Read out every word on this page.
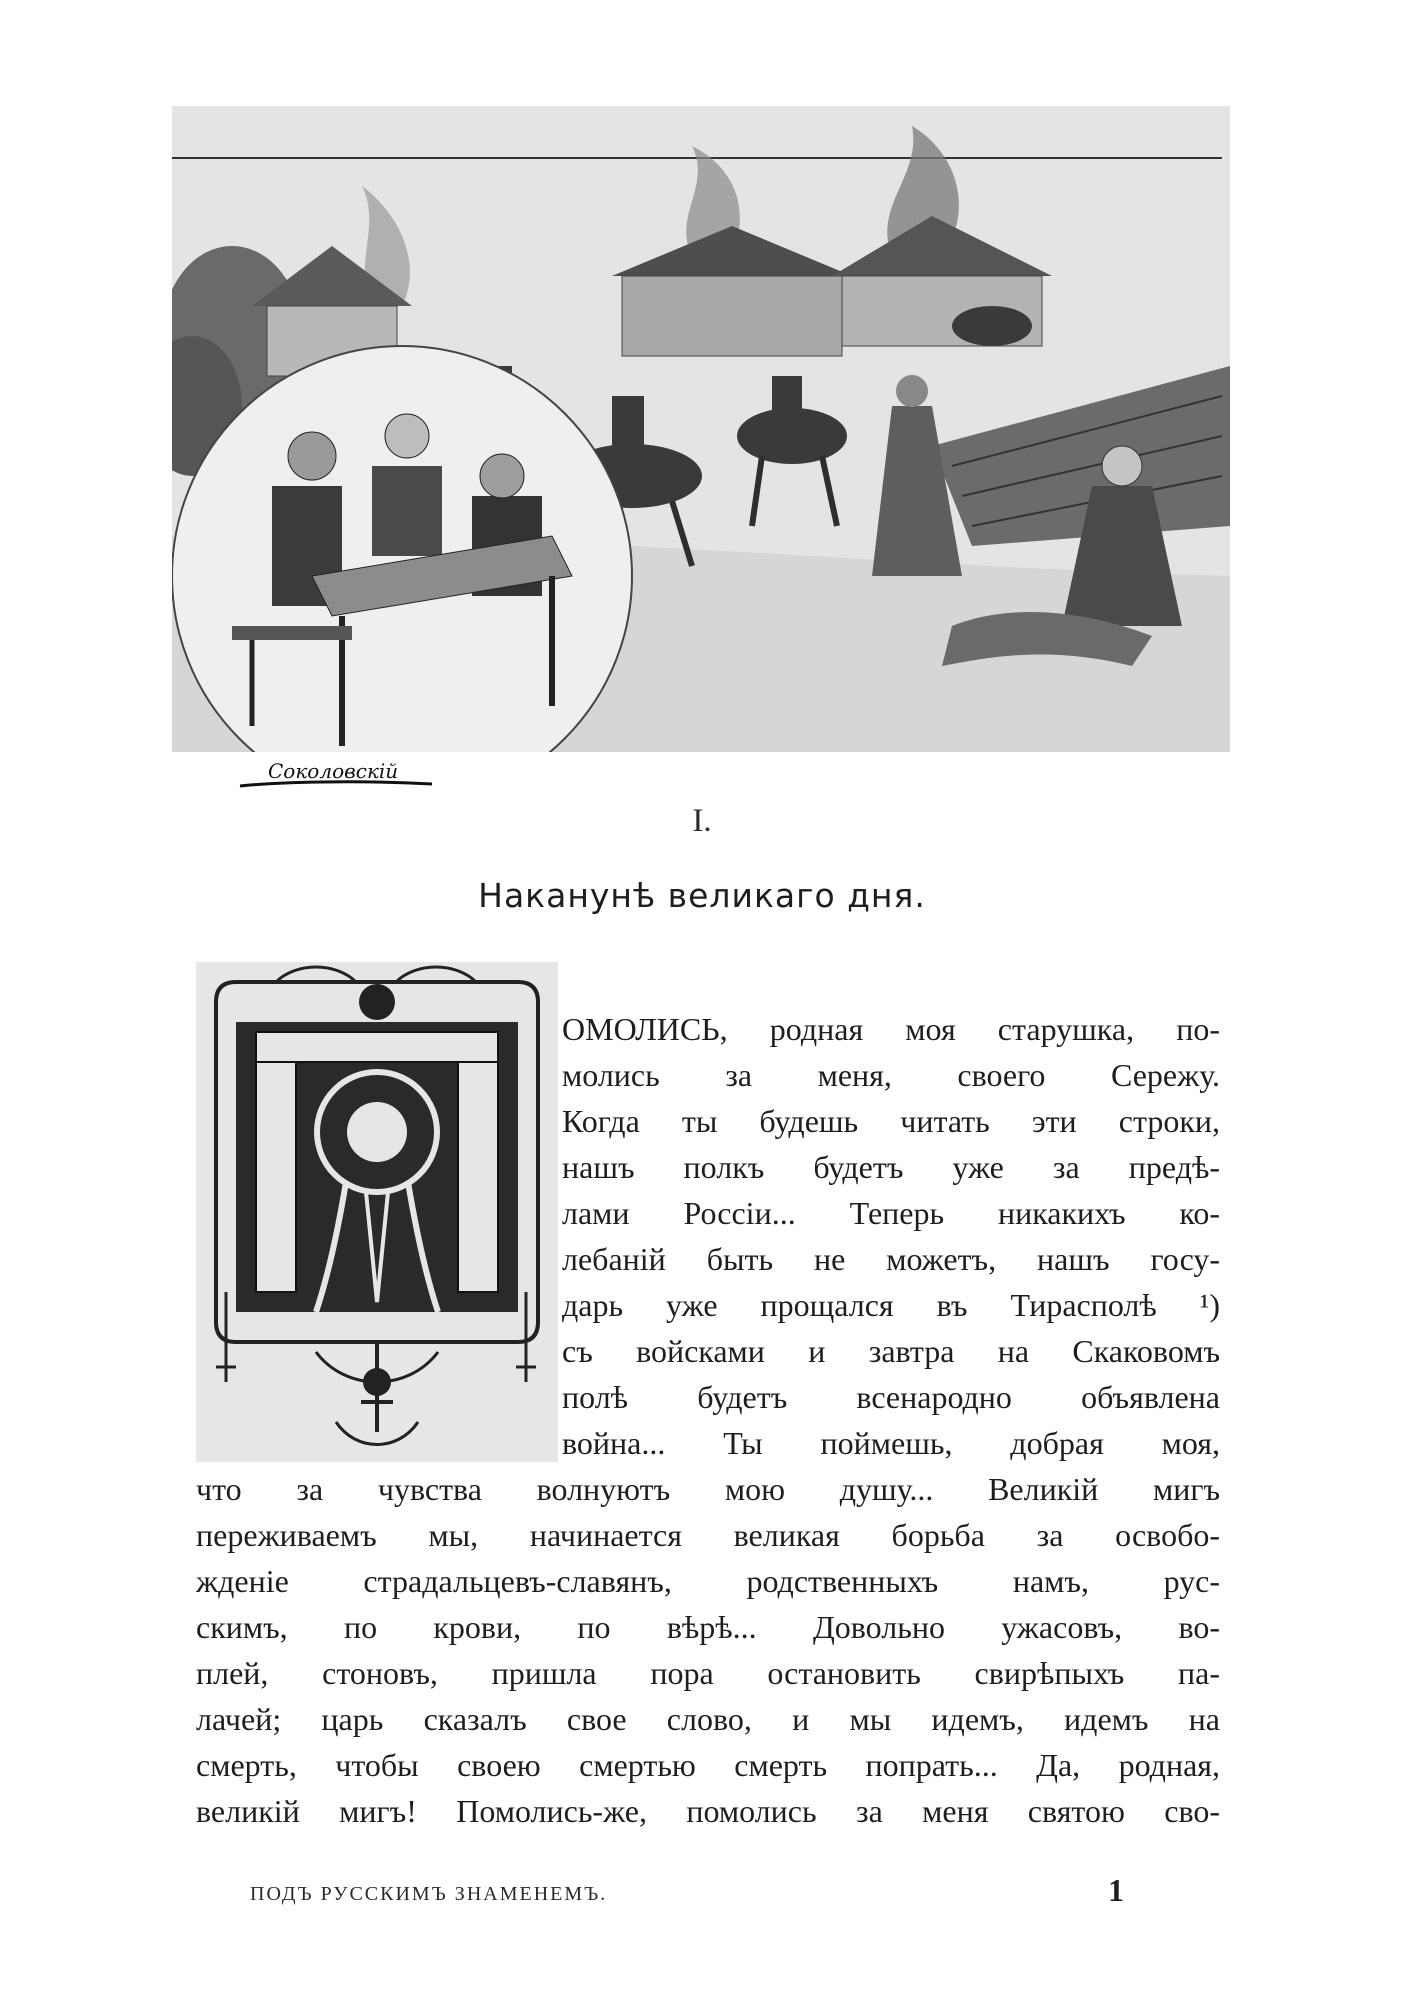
Соколовскій
I.
Наканунѣ великаго дня.
П
ОМОЛИСЬ, родная моя старушка, по-
молись за меня, своего Сережу.
Когда ты будешь читать эти строки,
нашъ полкъ будетъ уже за предѣ-
лами Россіи... Теперь никакихъ ко-
лебаній быть не можетъ, нашъ госу-
дарь уже прощался въ Тирасполѣ ¹)
съ войсками и завтра на Скаковомъ
полѣ будетъ всенародно объявлена
война... Ты поймешь, добрая моя,
что за чувства волнуютъ мою душу... Великій мигъ
переживаемъ мы, начинается великая борьба за освобо-
жденіе страдальцевъ-славянъ, родственныхъ намъ, рус-
скимъ, по крови, по вѣрѣ... Довольно ужасовъ, во-
плей, стоновъ, пришла пора остановить свирѣпыхъ па-
лачей; царь сказалъ свое слово, и мы идемъ, идемъ на
смерть, чтобы своею смертью смерть попрать... Да, родная,
великій мигъ! Помолись-же, помолись за меня святою сво-
ПОДЪ РУССКИМЪ ЗНАМЕНЕМЪ.	1
